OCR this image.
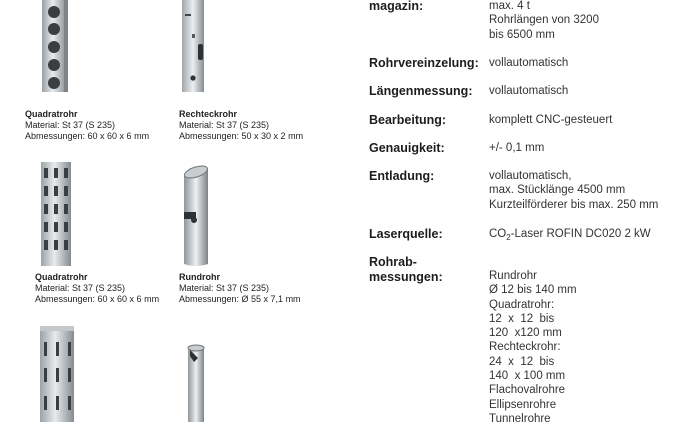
Quadratrohr
Material: St 37 (S 235)
Abmessungen: 60 x 60 x 6 mm
Rechteckrohr
Material: St 37 (S 235)
Abmessungen: 50 x 30 x 2 mm
Quadratrohr
Material: St 37 (S 235)
Abmessungen: 60 x 60 x 6 mm
Rundrohr
Material: St 37 (S 235)
Abmessungen: Ø 55 x 7,1 mm
magazin:	max. 4 t
Rohrlängen von 3200
bis 6500 mm
Rohrvereinzelung: vollautomatisch
Längenmessung: vollautomatisch
Bearbeitung:	komplett CNC-gesteuert
Genauigkeit:	+/- 0,1 mm
Entladung:	vollautomatisch,
max. Stücklänge 4500 mm
Kurzteilförderer bis max. 250 mm
Laserquelle:	$CO_2$-Laser ROFIN DC020 2 kW
Rohrab-
messungen:	Rundrohr
Ø 12 bis 140 mm
Quadratrohr:
12  x  12  bis
120  x120 mm
Rechteckrohr:
24  x  12  bis
140  x 100 mm
Flachovalrohre
Ellipsenrohre
Tunnelrohre
